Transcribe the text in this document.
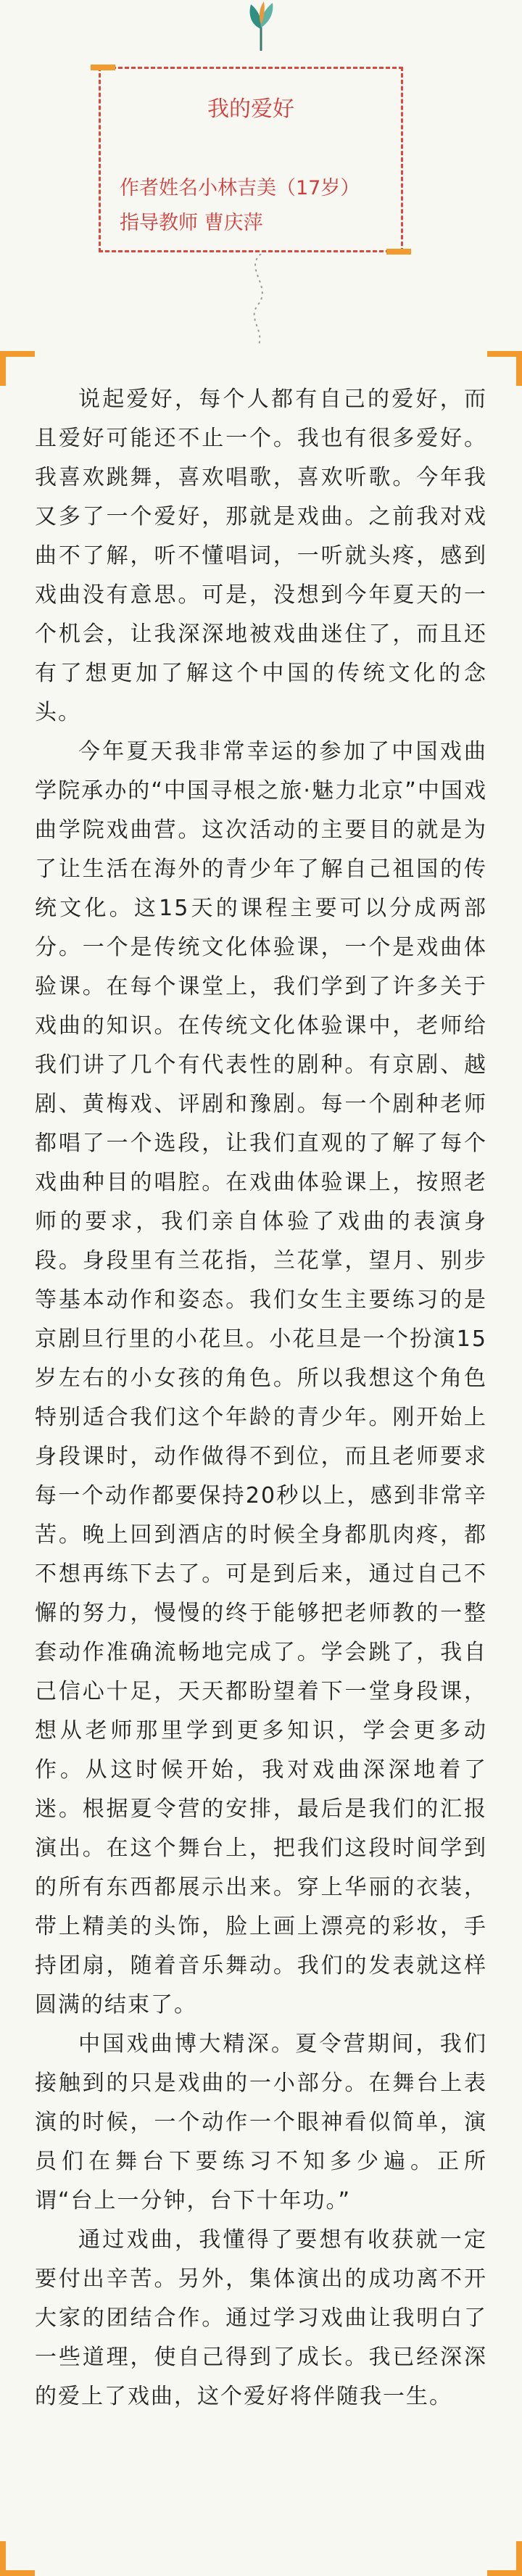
我的爱好
作者姓名小林吉美（17岁）
指导教师 曹庆萍

说起爱好，每个人都有自己的爱好，而且爱好可能还不止一个。我也有很多爱好。我喜欢跳舞，喜欢唱歌，喜欢听歌。今年我又多了一个爱好，那就是戏曲。之前我对戏曲不了解，听不懂唱词，一听就头疼，感到戏曲没有意思。可是，没想到今年夏天的一个机会，让我深深地被戏曲迷住了，而且还有了想更加了解这个中国的传统文化的念头。

今年夏天我非常幸运的参加了中国戏曲学院承办的“中国寻根之旅·魅力北京”中国戏曲学院戏曲营。这次活动的主要目的就是为了让生活在海外的青少年了解自己祖国的传统文化。这15天的课程主要可以分成两部分。一个是传统文化体验课，一个是戏曲体验课。在每个课堂上，我们学到了许多关于戏曲的知识。在传统文化体验课中，老师给我们讲了几个有代表性的剧种。有京剧、越剧、黄梅戏、评剧和豫剧。每一个剧种老师都唱了一个选段，让我们直观的了解了每个戏曲种目的唱腔。在戏曲体验课上，按照老师的要求，我们亲自体验了戏曲的表演身段。身段里有兰花指，兰花掌，望月、别步等基本动作和姿态。我们女生主要练习的是京剧旦行里的小花旦。小花旦是一个扮演15岁左右的小女孩的角色。所以我想这个角色特别适合我们这个年龄的青少年。刚开始上身段课时，动作做得不到位，而且老师要求每一个动作都要保持20秒以上，感到非常辛苦。晚上回到酒店的时候全身都肌肉疼，都不想再练下去了。可是到后来，通过自己不懈的努力，慢慢的终于能够把老师教的一整套动作准确流畅地完成了。学会跳了，我自己信心十足，天天都盼望着下一堂身段课，想从老师那里学到更多知识，学会更多动作。从这时候开始，我对戏曲深深地着了迷。根据夏令营的安排，最后是我们的汇报演出。在这个舞台上，把我们这段时间学到的所有东西都展示出来。穿上华丽的衣装，带上精美的头饰，脸上画上漂亮的彩妆，手持团扇，随着音乐舞动。我们的发表就这样圆满的结束了。

中国戏曲博大精深。夏令营期间，我们接触到的只是戏曲的一小部分。在舞台上表演的时候，一个动作一个眼神看似简单，演员们在舞台下要练习不知多少遍。正所谓“台上一分钟，台下十年功。”

通过戏曲，我懂得了要想有收获就一定要付出辛苦。另外，集体演出的成功离不开大家的团结合作。通过学习戏曲让我明白了一些道理，使自己得到了成长。我已经深深的爱上了戏曲，这个爱好将伴随我一生。
